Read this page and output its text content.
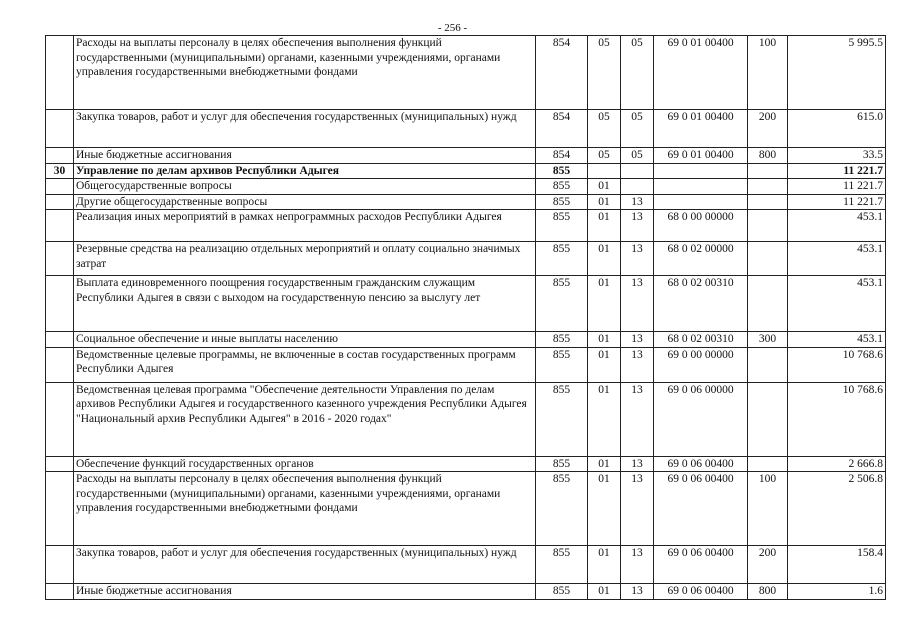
- 256 -
	Расходы на выплаты персоналу в целях обеспечения выполнения функций государственными (муниципальными) органами, казенными учреждениями, органами управления государственными внебюджетными фондами	854	05	05	69 0 01 00400	100	5 995.5
	Закупка товаров, работ и услуг для обеспечения государственных (муниципальных) нужд	854	05	05	69 0 01 00400	200	615.0
	Иные бюджетные ассигнования	854	05	05	69 0 01 00400	800	33.5
30	Управление по делам архивов Республики Адыгея	855					11 221.7
	Общегосударственные вопросы	855	01				11 221.7
	Другие общегосударственные вопросы	855	01	13			11 221.7
	Реализация иных мероприятий в рамках непрограммных расходов Республики Адыгея	855	01	13	68 0 00 00000		453.1
	Резервные средства на реализацию отдельных мероприятий и оплату социально значимых затрат	855	01	13	68 0 02 00000		453.1
	Выплата единовременного поощрения государственным гражданским служащим Республики Адыгея в связи с выходом на государственную пенсию за выслугу лет	855	01	13	68 0 02 00310		453.1
	Социальное обеспечение и иные выплаты населению	855	01	13	68 0 02 00310	300	453.1
	Ведомственные целевые программы, не включенные в состав государственных программ Республики Адыгея	855	01	13	69 0 00 00000		10 768.6
	Ведомственная целевая программа "Обеспечение деятельности Управления по делам архивов Республики Адыгея и государственного казенного учреждения Республики Адыгея "Национальный архив Республики Адыгея" в 2016 - 2020 годах"	855	01	13	69 0 06 00000		10 768.6
	Обеспечение функций государственных органов	855	01	13	69 0 06 00400		2 666.8
	Расходы на выплаты персоналу в целях обеспечения выполнения функций государственными (муниципальными) органами, казенными учреждениями, органами управления государственными внебюджетными фондами	855	01	13	69 0 06 00400	100	2 506.8
	Закупка товаров, работ и услуг для обеспечения государственных (муниципальных) нужд	855	01	13	69 0 06 00400	200	158.4
	Иные бюджетные ассигнования	855	01	13	69 0 06 00400	800	1.6
